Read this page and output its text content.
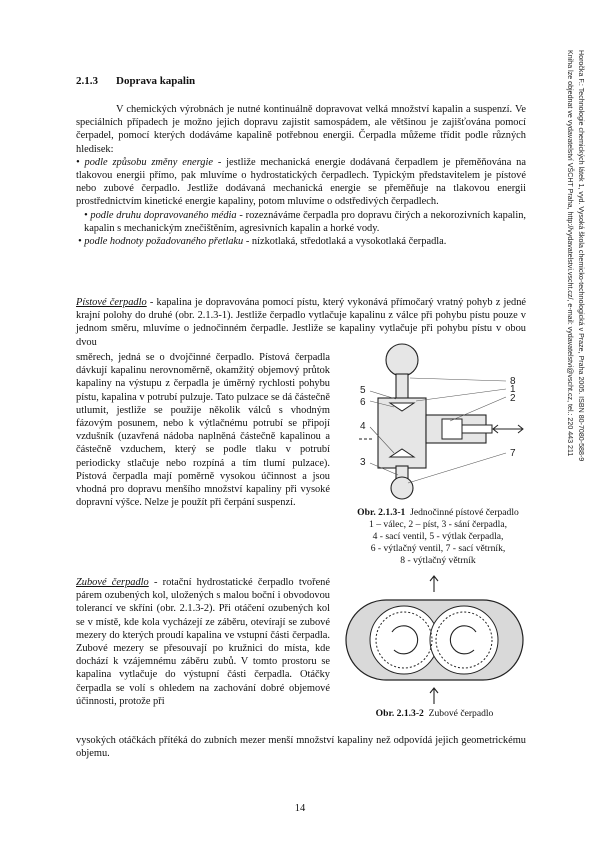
Horočka F.: Technologie chemických látek 1, vyd. Vysoká škola chemicko-technologická v Praze, Praha 2005. ISBN 80-7080-588-9
Kniha lze objednat ve vydavatelství VŠCHT Praha, http://vydavatelstvi.vscht.cz/, e-mail: vydavatelstvi@vscht.cz, tel.: 220 443 211
2.1.3 Doprava kapalin

V chemických výrobnách je nutné kontinuálně dopravovat velká množství kapalin a suspenzí. Ve speciálních případech je možno jejich dopravu zajistit samospádem, ale většinou je zajišťována pomocí čerpadel, pomocí kterých dodáváme kapalině potřebnou energii. Čerpadla můžeme třídit podle různých hledisek:

• podle způsobu změny energie - jestliže mechanická energie dodávaná čerpadlem je přeměňována na tlakovou energii přímo, pak mluvíme o hydrostatických čerpadlech. Typickým představitelem je pístové nebo zubové čerpadlo. Jestliže dodávaná mechanická energie se přeměňuje na tlakovou energii prostřednictvím kinetické energie kapaliny, potom mluvíme o odstředivých čerpadlech.

• podle druhu dopravovaného média - rozeznáváme čerpadla pro dopravu čirých a nekorozivních kapalin, kapalin s mechanickým znečištěním, agresivních kapalin a horké vody.

• podle hodnoty požadovaného přetlaku - nízkotlaká, středotlaká a vysokotlaká čerpadla.

Pístové čerpadlo - kapalina je dopravována pomocí pístu, který vykonává přímočarý vratný pohyb z jedné krajní polohy do druhé (obr. 2.1.3-1). Jestliže čerpadlo vytlačuje kapalinu z válce při pohybu pístu pouze v jednom směru, mluvíme o jednočinném čerpadle. Jestliže se kapaliny vytlačuje při pohybu pístu v obou dvou

směrech, jedná se o dvojčinné čerpadlo. Pístová čerpadla dávkují kapalinu nerovnoměrně, okamžitý objemový průtok kapaliny na výstupu z čerpadla je úměrný rychlosti pohybu pístu, kapalina v potrubí pulzuje. Tato pulzace se dá částečně utlumit, jestliže se použije několik válců s vhodným fázovým posunem, nebo k výtlačnému potrubí se připojí vzdušník (uzavřená nádoba naplněná částečně kapalinou a částečně vzduchem, který se podle tlaku v potrubí periodicky stlačuje nebo rozpíná a tím tlumí pulzace). Pístová čerpadla mají poměrně vysokou účinnost a jsou vhodná pro dopravu menšího množství kapaliny při vysoké dopravní výšce. Nelze je použít při čerpání suspenzí.

1
2
8
5
6
4
3
7
Obr. 2.1.3-1 Jednočinné pístové čerpadlo
1 – válec, 2 – píst, 3 - sání čerpadla,
4 - sací ventil, 5 - výtlak čerpadla,
6 - výtlačný ventil, 7 - sací větrník,
8 - výtlačný větrník

Zubové čerpadlo - rotační hydrostatické čerpadlo tvořené párem ozubených kol, uložených s malou boční i obvodovou tolerancí ve skříni (obr. 2.1.3-2). Při otáčení ozubených kol se v místě, kde kola vycházejí ze záběru, otevírají se zubové mezery do kterých proudí kapalina ve vstupní části čerpadla. Zubové mezery se přesouvají po kružnici do místa, kde dochází k vzájemnému záběru zubů. V tomto prostoru se kapalina vytlačuje do výstupní části čerpadla. Otáčky čerpadla se volí s ohledem na zachování dobré objemové účinnosti, protože při

Obr. 2.1.3-2 Zubové čerpadlo

vysokých otáčkách přítéká do zubních mezer menší množství kapaliny než odpovídá jejich geometrickému objemu.

14
